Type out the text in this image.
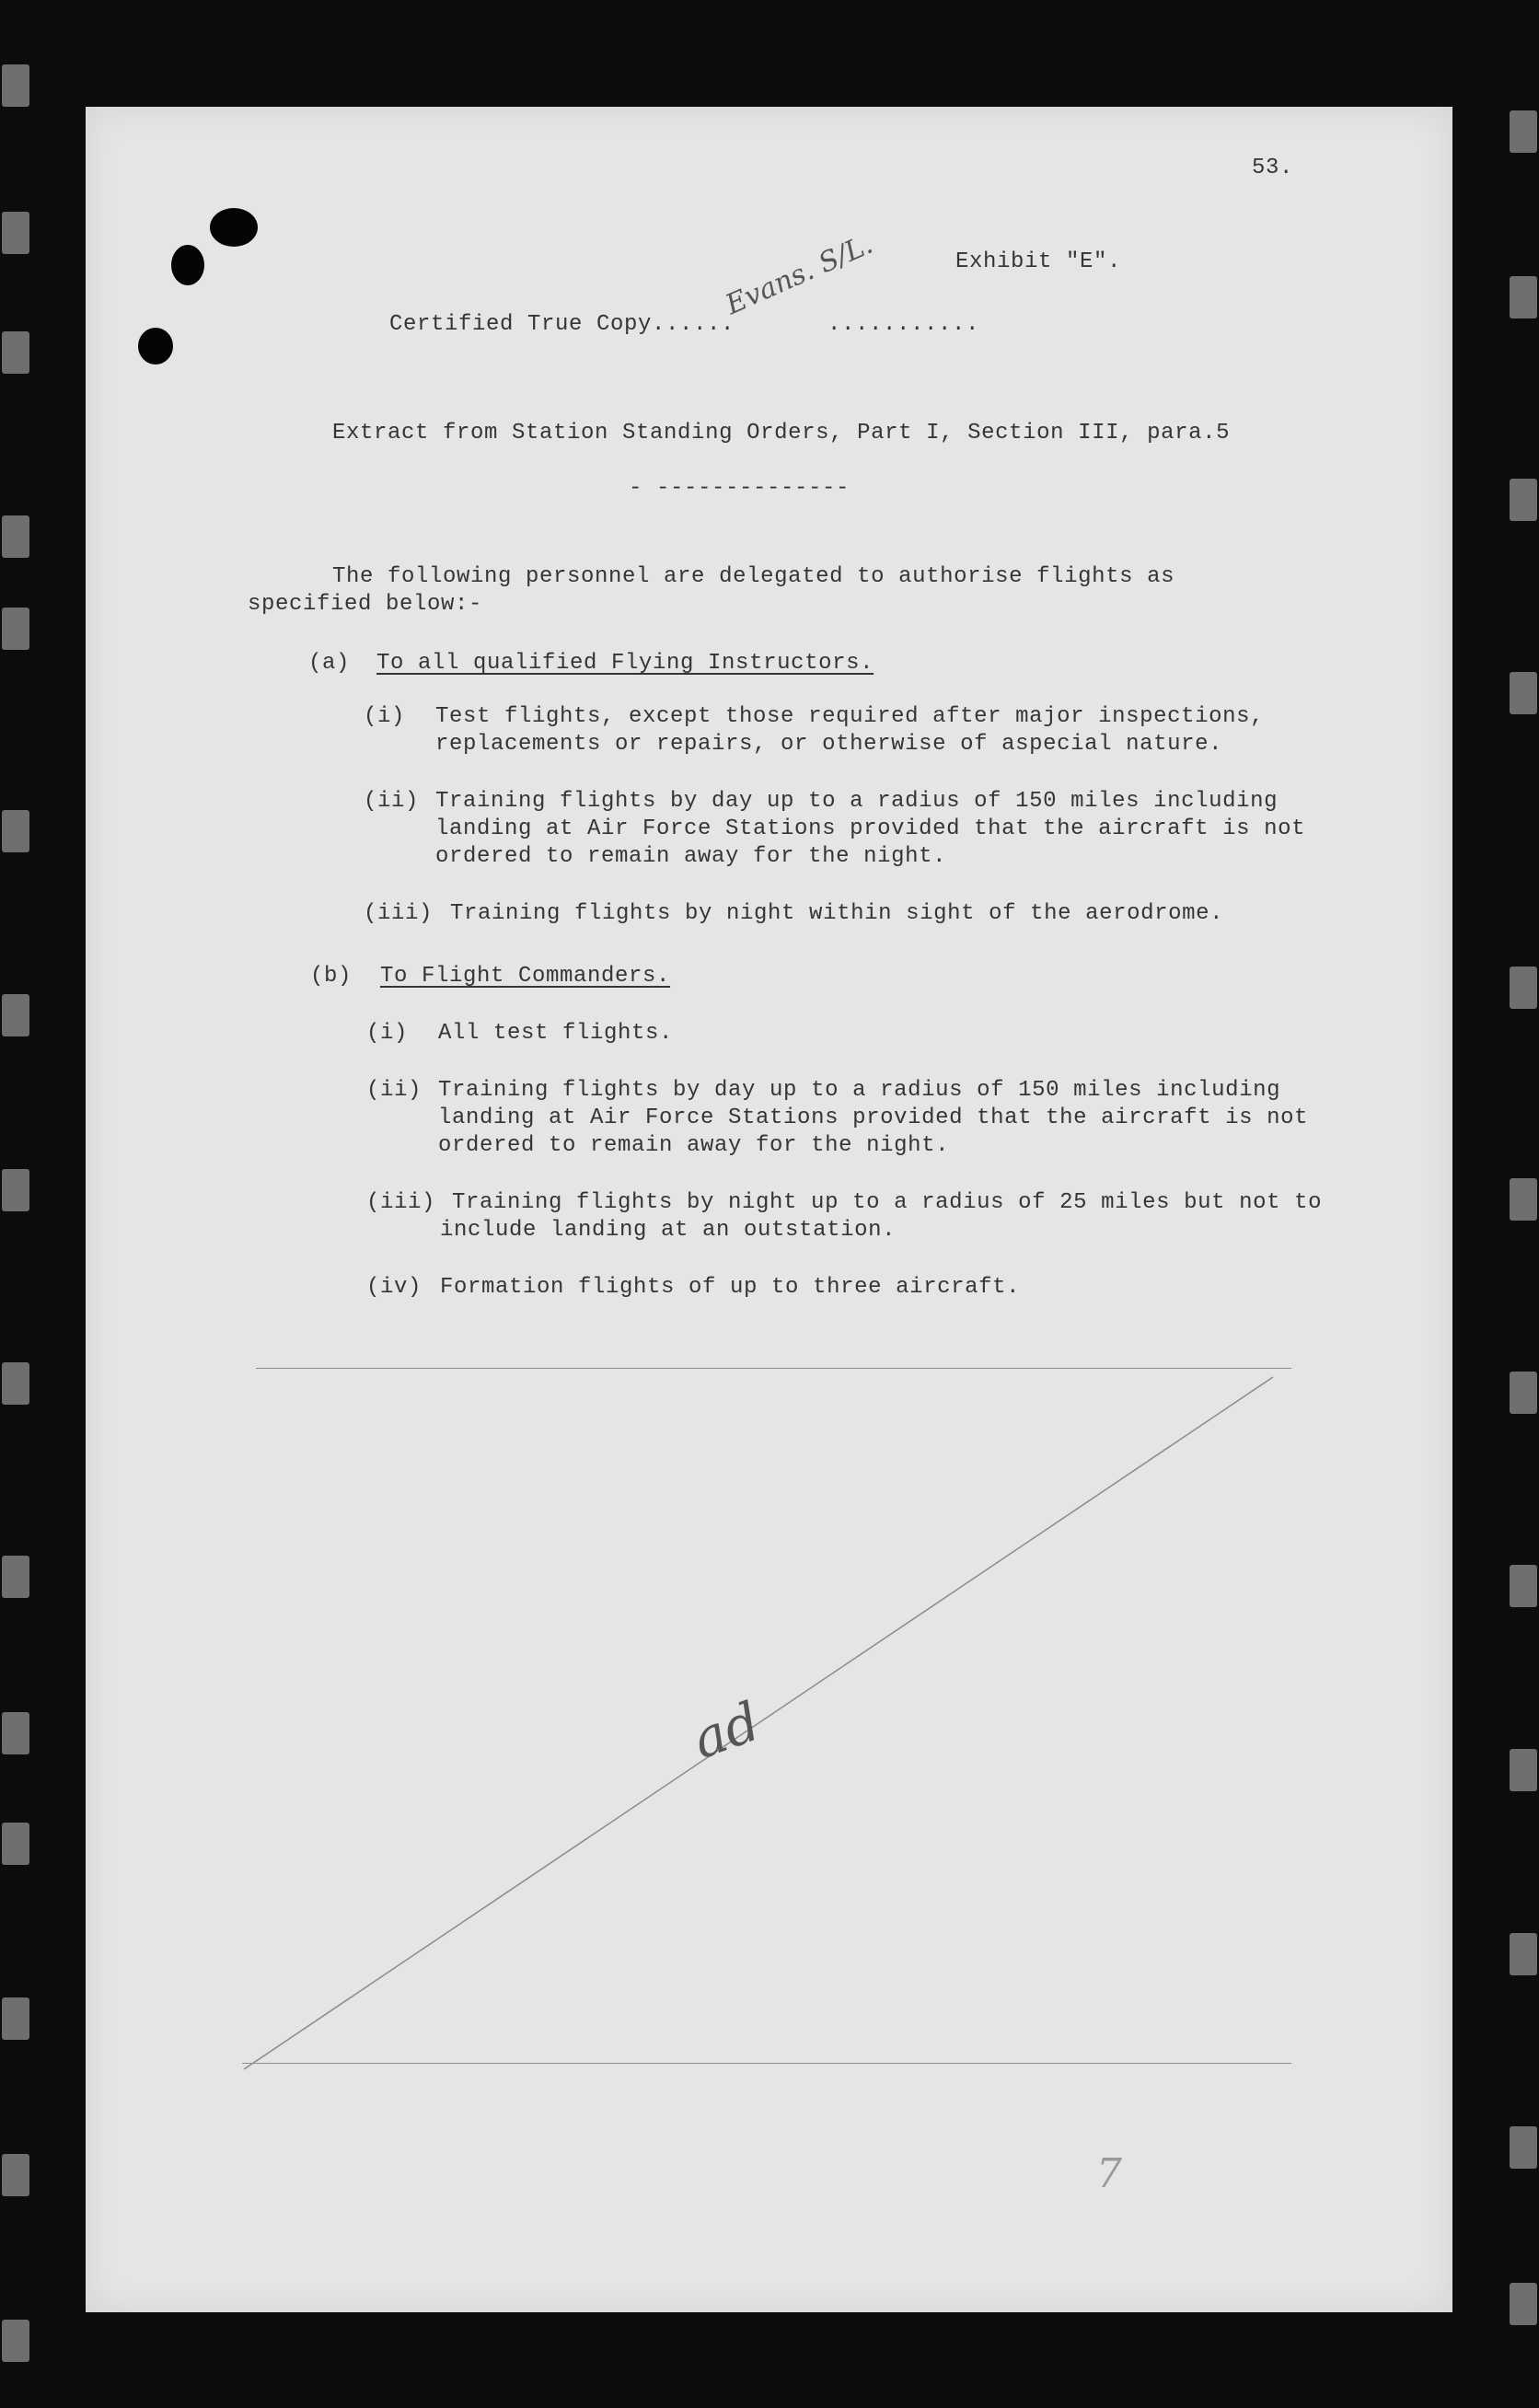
53.
Exhibit "E".
Certified True Copy......
Evans. S/L.
...........
Extract from Station Standing Orders, Part I, Section III, para.5
- --------------
The following personnel are delegated to authorise flights as
specified below:-
(a) To all qualified Flying Instructors.
(i) Test flights, except those required after major inspections,
replacements or repairs, or otherwise of aspecial nature.
(ii) Training flights by day up to a radius of 150 miles including
landing at Air Force Stations provided that the aircraft is not
ordered to remain away for the night.
(iii) Training flights by night within sight of the aerodrome.
(b) To Flight Commanders.
(i) All test flights.
(ii) Training flights by day up to a radius of 150 miles including
landing at Air Force Stations provided that the aircraft is not
ordered to remain away for the night.
(iii) Training flights by night up to a radius of 25 miles but not to
include landing at an outstation.
(iv) Formation flights of up to three aircraft.
ad
7
